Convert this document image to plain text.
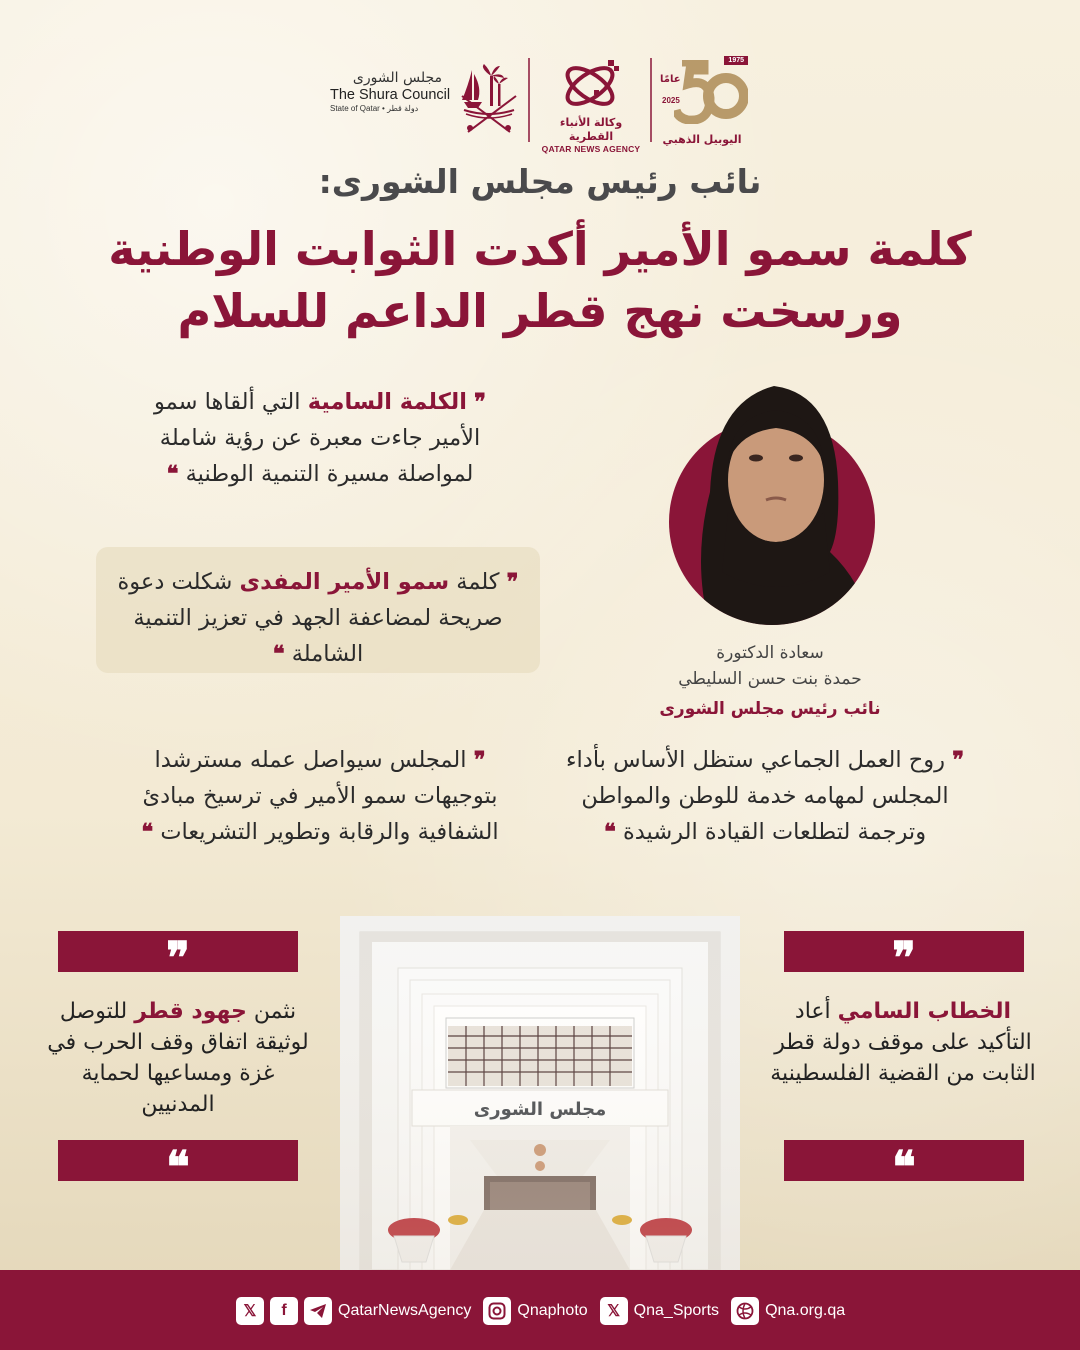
مجلس الشورى
The Shura Council
State of Qatar • دولة قطر
وكالة الأنباء القطرية
QATAR NEWS AGENCY
1975
عامًا
2025
اليوبيل الذهبي
نائب رئيس مجلس الشورى:
كلمة سمو الأمير أكدت الثوابت الوطنية
ورسخت نهج قطر الداعم للسلام
❞ الكلمة السامية التي ألقاها سمو الأمير جاءت معبرة عن رؤية شاملة لمواصلة مسيرة التنمية الوطنية ❝
❞ كلمة سمو الأمير المفدى شكلت دعوة صريحة لمضاعفة الجهد في تعزيز التنمية الشاملة ❝
❞ المجلس سيواصل عمله مسترشدا بتوجيهات سمو الأمير في ترسيخ مبادئ الشفافية والرقابة وتطوير التشريعات ❝
❞ روح العمل الجماعي ستظل الأساس بأداء المجلس لمهامه خدمة للوطن والمواطن وترجمة لتطلعات القيادة الرشيدة ❝
سعادة الدكتورة
حمدة بنت حسن السليطي
نائب رئيس مجلس الشورى
❞
نثمن جهود قطر للتوصل لوثيقة اتفاق وقف الحرب في غزة ومساعيها لحماية المدنيين
❝
❞
الخطاب السامي أعاد التأكيد على موقف دولة قطر الثابت من القضية الفلسطينية
❝
𝕏	f	QatarNewsAgency	Qnaphoto	𝕏 Qna_Sports	Qna.org.qa
